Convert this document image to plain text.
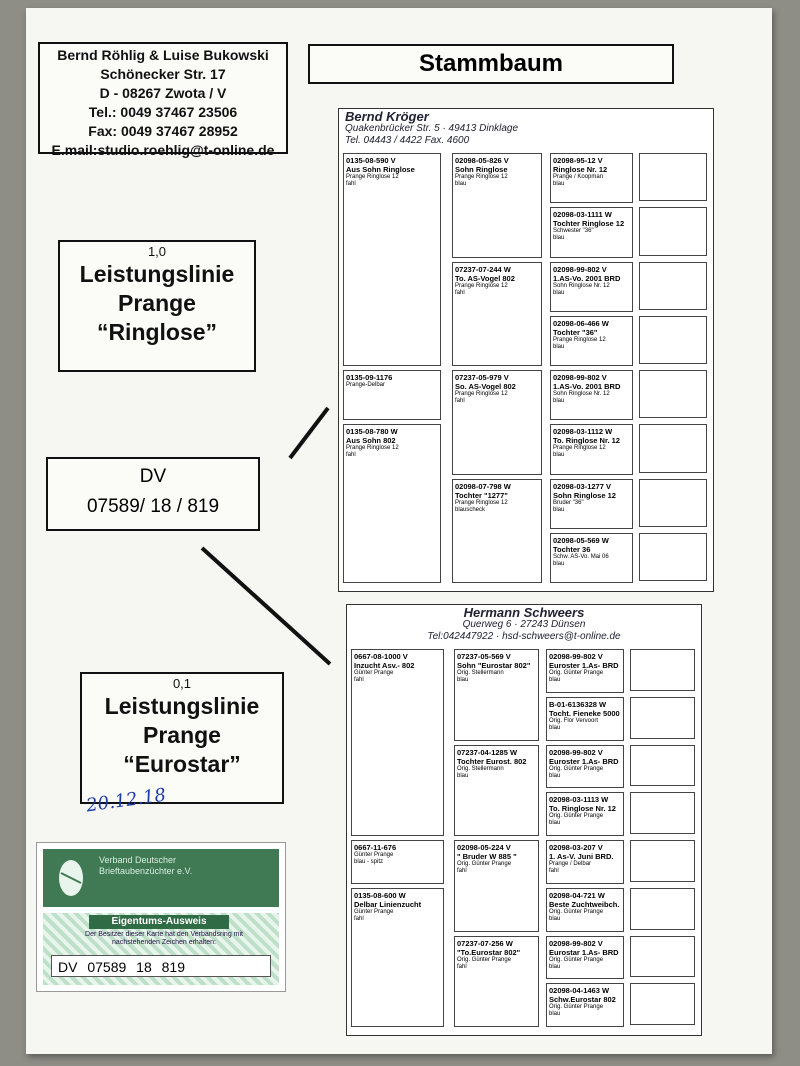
Bernd Röhlig & Luise Bukowski
Schönecker Str. 17
D - 08267 Zwota / V
Tel.: 0049 37467 23506
Fax: 0049 37467 28952
E.mail:studio.roehlig@t-online.de
Stammbaum
1,0
Leistungslinie
Prange
“Ringlose”
DV
07589/ 18 / 819
0,1
Leistungslinie
Prange
“Eurostar”
Bernd Kröger
Quakenbrücker Str. 5 · 49413 Dinklage
Tel. 04443 / 4422 Fax. 4600
0135-08-590 V
Aus Sohn Ringlose
Prange Ringlose 12
fahl
02098-05-826 V
Sohn Ringlose
Prange Ringlose 12
blau
02098-95-12 V
Ringlose Nr. 12
Prange / Koopman
blau
02098-03-1111 W
Tochter Ringlose 12
Schwester "36"
blau
07237-07-244 W
To. AS-Vogel 802
Prange Ringlose 12
fahl
02098-99-802 V
1.AS-Vo. 2001 BRD
Sohn Ringlose Nr. 12
blau
02098-06-466 W
Tochter "36"
Prange Ringlose 12
blau
0135-09-1176
Prange-Delbar
07237-05-979 V
So. AS-Vogel 802
Prange Ringlose 12
fahl
02098-99-802 V
1.AS-Vo. 2001 BRD
Sohn Ringlose Nr. 12
blau
0135-08-780 W
Aus Sohn 802
Prange Ringlose 12
fahl
02098-03-1112 W
To. Ringlose Nr. 12
Prange Ringlose 12
blau
02098-07-798 W
Tochter "1277"
Prange Ringlose 12
blauscheck
02098-03-1277 V
Sohn Ringlose 12
Bruder "36"
blau
02098-05-569 W
Tochter 36
Schw. AS-Vo. Mai 06
blau
Hermann Schweers
Querweg 6 · 27243 Dünsen
Tel:042447922 · hsd-schweers@t-online.de
0667-08-1000 V
Inzucht Asv.- 802
Günter Prange
fahl
07237-05-569 V
Sohn "Eurostar 802"
Orig. Stellermann
blau
02098-99-802 V
Euroster 1.As- BRD
Orig. Günter Prange
blau
B-01-6136328 W
Tocht. Fieneke 5000
Orig. Flor Vervoort
blau
07237-04-1285 W
Tochter Eurost. 802
Orig. Stellermann
blau
02098-99-802 V
Euroster 1.As- BRD
Orig. Günter Prange
blau
02098-03-1113 W
To. Ringlose Nr. 12
Orig. Günter Prange
blau
0667-11-676
Günter Prange
blau - spitz
02098-05-224 V
" Bruder W 885 "
Orig. Günter Prange
fahl
02098-03-207 V
1. As-V. Juni BRD.
Prange / Delbar
fahl
0135-08-600 W
Delbar Linienzucht
Günter Prange
fahl
02098-04-721 W
Beste Zuchtweibch.
Orig. Günter Prange
blau
07237-07-256 W
"To.Eurostar 802"
Orig. Günter Prange
fahl
02098-99-802 V
Eurostar 1.As- BRD
Orig. Günter Prange
blau
02098-04-1463 W
Schw.Eurostar 802
Orig. Günter Prange
blau
20.12.18
Verband Deutscher
Brieftaubenzüchter e.V.
Eigentums-Ausweis
Der Besitzer dieser Karte hat den Verbandsring mit nachstehenden Zeichen erhalten:
DV 07589 18 819
